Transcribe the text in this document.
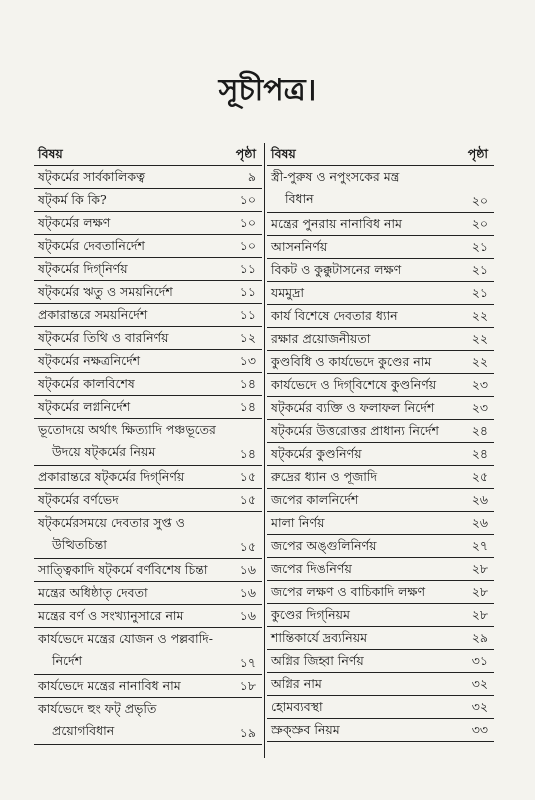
সূচীপত্র।
বিষয়	পৃষ্ঠা
ষট্‌কর্মের সার্বকালিকত্ব	৯
ষট্‌কর্ম কি কি?	১০
ষট্‌কর্মের লক্ষণ	১০
ষট্‌কর্মের দেবতানির্দেশ	১০
ষট্‌কর্মের দিগ্‌নির্ণয়	১১
ষট্‌কর্মের ঋতু ও সময়নির্দেশ	১১
প্রকারান্তরে সময়নির্দেশ	১১
ষট্‌কর্মের তিথি ও বারনির্ণয়	১২
ষট্‌কর্মের নক্ষত্রনির্দেশ	১৩
ষট্‌কর্মের কালবিশেষ	১৪
ষট্‌কর্মের লগ্ননির্দেশ	১৪
ভূতোদয়ে অর্থাৎ ক্ষিত্যাদি পঞ্চভূতের
উদয়ে ষট্‌কর্মের নিয়ম	১৪
প্রকারান্তরে ষট্‌কর্মের দিগ্‌নির্ণয়	১৫
ষট্‌কর্মের বর্ণভেদ	১৫
ষট্‌কর্মেরসময়ে দেবতার সুপ্ত ও
উত্থিতচিন্তা	১৫
সাত্ত্বিকাদি ষট্‌কর্মে বর্ণবিশেষ চিন্তা	১৬
মন্ত্রের অধিষ্ঠাতৃ দেবতা	১৬
মন্ত্রের বর্ণ ও সংখ্যানুসারে নাম	১৬
কার্যভেদে মন্ত্রের যোজন ও পল্লবাদি-
নির্দেশ	১৭
কার্যভেদে মন্ত্রের নানাবিধ নাম	১৮
কার্যভেদে হুং ফট্‌ প্রভৃতি
প্রয়োগবিধান	১৯
বিষয়	পৃষ্ঠা
স্ত্রী-পুরুষ ও নপুংসকের মন্ত্র
বিধান	২০
মন্ত্রের পুনরায় নানাবিধ নাম	২০
আসননির্ণয়	২১
বিকট ও কুক্কুটাসনের লক্ষণ	২১
যমমুদ্রা	২১
কার্য বিশেষে দেবতার ধ্যান	২২
রক্ষার প্রয়োজনীয়তা	২২
কুণ্ডবিধি ও কার্যভেদে কুণ্ডের নাম	২২
কার্যভেদে ও দিগ্‌বিশেষে কুণ্ডনির্ণয়	২৩
ষট্‌কর্মের ব্যক্তি ও ফলাফল নির্দেশ	২৩
ষট্‌কর্মের উত্তরোত্তর প্রাধান্য নির্দেশ	২৪
ষট্‌কর্মের কুণ্ডনির্ণয়	২৪
রুদ্রের ধ্যান ও পূজাদি	২৫
জপের কালনির্দেশ	২৬
মালা নির্ণয়	২৬
জপের অঙ্গুলিনির্ণয়	২৭
জপের দিঙনির্ণয়	২৮
জপের লক্ষণ ও বাচিকাদি লক্ষণ	২৮
কুণ্ডের দিগ্‌নিয়ম	২৮
শান্তিকার্যে দ্রব্যনিয়ম	২৯
অগ্নির জিহ্বা নির্ণয়	৩১
অগ্নির নাম	৩২
হোমব্যবস্থা	৩২
স্রুক্স্রুব নিয়ম	৩৩
